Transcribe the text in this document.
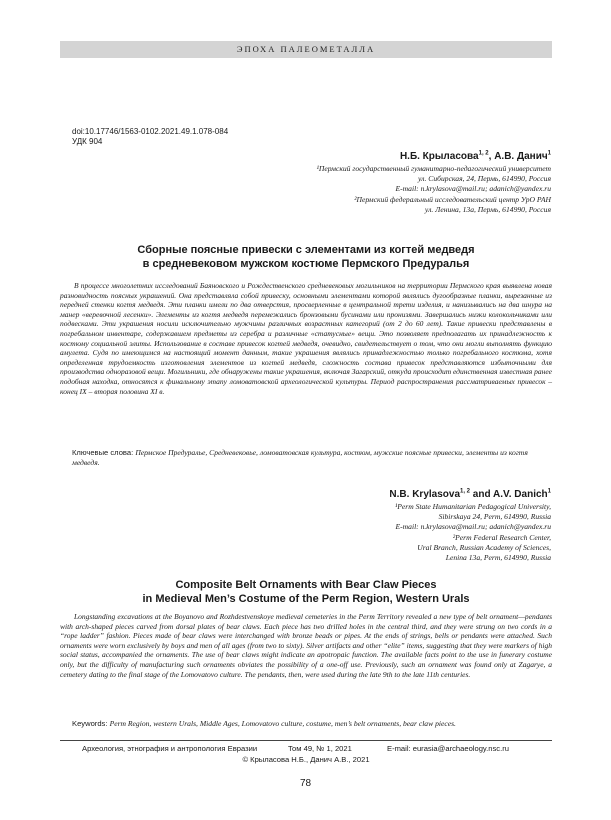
ЭПОХА ПАЛЕОМЕТАЛЛА
doi:10.17746/1563-0102.2021.49.1.078-084
УДК 904
Н.Б. Крыласова$^{1, 2}$, А.В. Данич$^1$
¹Пермский государственный гуманитарно-педагогический университет
ул. Сибирская, 24, Пермь, 614990, Россия
E-mail: n.krylasova@mail.ru; adanich@yandex.ru
²Пермский федеральный исследовательский центр УрО РАН
ул. Ленина, 13а, Пермь, 614990, Россия
Сборные поясные привески с элементами из когтей медведя
в средневековом мужском костюме Пермского Предуралья

В процессе многолетних исследований Баяновского и Рождественского средневековых могильников на территории Пермского края выявлена новая разновидность поясных украшений. Она представляла собой привеску, основными элементами которой являлись дугообразные планки, вырезанные из передней стенки когтя медведя. Эти планки имели по два отверстия, просверленные в центральной трети изделия, и нанизывались на два шнура на манер «веревочной лесенки». Элементы из когтя медведя перемежались бронзовыми бусинами или пронизями. Завершались низки колокольчиками или подвесками. Эти украшения носили исключительно мужчины различных возрастных категорий (от 2 до 60 лет). Такие привески представлены в погребальном инвентаре, содержавшем предметы из серебра и различные «статусные» вещи. Это позволяет предполагать их принадлежность к костюму социальной элиты. Использование в составе привесок когтей медведя, очевидно, свидетельствует о том, что они могли выполнять функцию амулета. Судя по имеющимся на настоящий момент данным, такие украшения являлись принадлежностью только погребального костюма, хотя определенная трудоемкость изготовления элементов из когтей медведя, сложность состава привесок представляются избыточными для производства одноразовой вещи. Могильники, где обнаружены такие украшения, включая Загарский, откуда происходит единственная известная ранее подобная находка, относятся к финальному этапу ломоватовской археологической культуры. Период распространения рассматриваемых привесок – конец IX – вторая половина XI в.

Ключевые слова: Пермское Предуралье, Средневековье, ломоватовская культура, костюм, мужские поясные привески, элементы из когтя медведя.
N.B. Krylasova$^{1, 2}$ and A.V. Danich$^1$
¹Perm State Humanitarian Pedagogical University,
Sibirskaya 24, Perm, 614990, Russia
E-mail: n.krylasova@mail.ru; adanich@yandex.ru
²Perm Federal Research Center,
Ural Branch, Russian Academy of Sciences,
Lenina 13a, Perm, 614990, Russia
Composite Belt Ornaments with Bear Claw Pieces
in Medieval Men’s Costume of the Perm Region, Western Urals

Longstanding excavations at the Boyanovo and Rozhdestvenskoye medieval cemeteries in the Perm Territory revealed a new type of belt ornament—pendants with arch-shaped pieces carved from dorsal plates of bear claws. Each piece has two drilled holes in the central third, and they were strung on two cords in a “rope ladder” fashion. Pieces made of bear claws were interchanged with bronze beads or pipes. At the ends of strings, bells or pendants were attached. Such ornaments were worn exclusively by boys and men of all ages (from two to sixty). Silver artifacts and other “elite” items, suggesting that they were markers of high social status, accompanied the ornaments. The use of bear claws might indicate an apotropaic function. The available facts point to the use in funerary costume only, but the difficulty of manufacturing such ornaments obviates the possibility of a one-off use. Previously, such an ornament was found only at Zagarye, a cemetery dating to the final stage of the Lomovatovo culture. The pendants, then, were used during the late 9th to the late 11th centuries.

Keywords: Perm Region, western Urals, Middle Ages, Lomovatovo culture, costume, men’s belt ornaments, bear claw pieces.
Археология, этнография и антропология Евразии	Том 49, № 1, 2021	E-mail: eurasia@archaeology.nsc.ru
© Крыласова Н.Б., Данич А.В., 2021
78
